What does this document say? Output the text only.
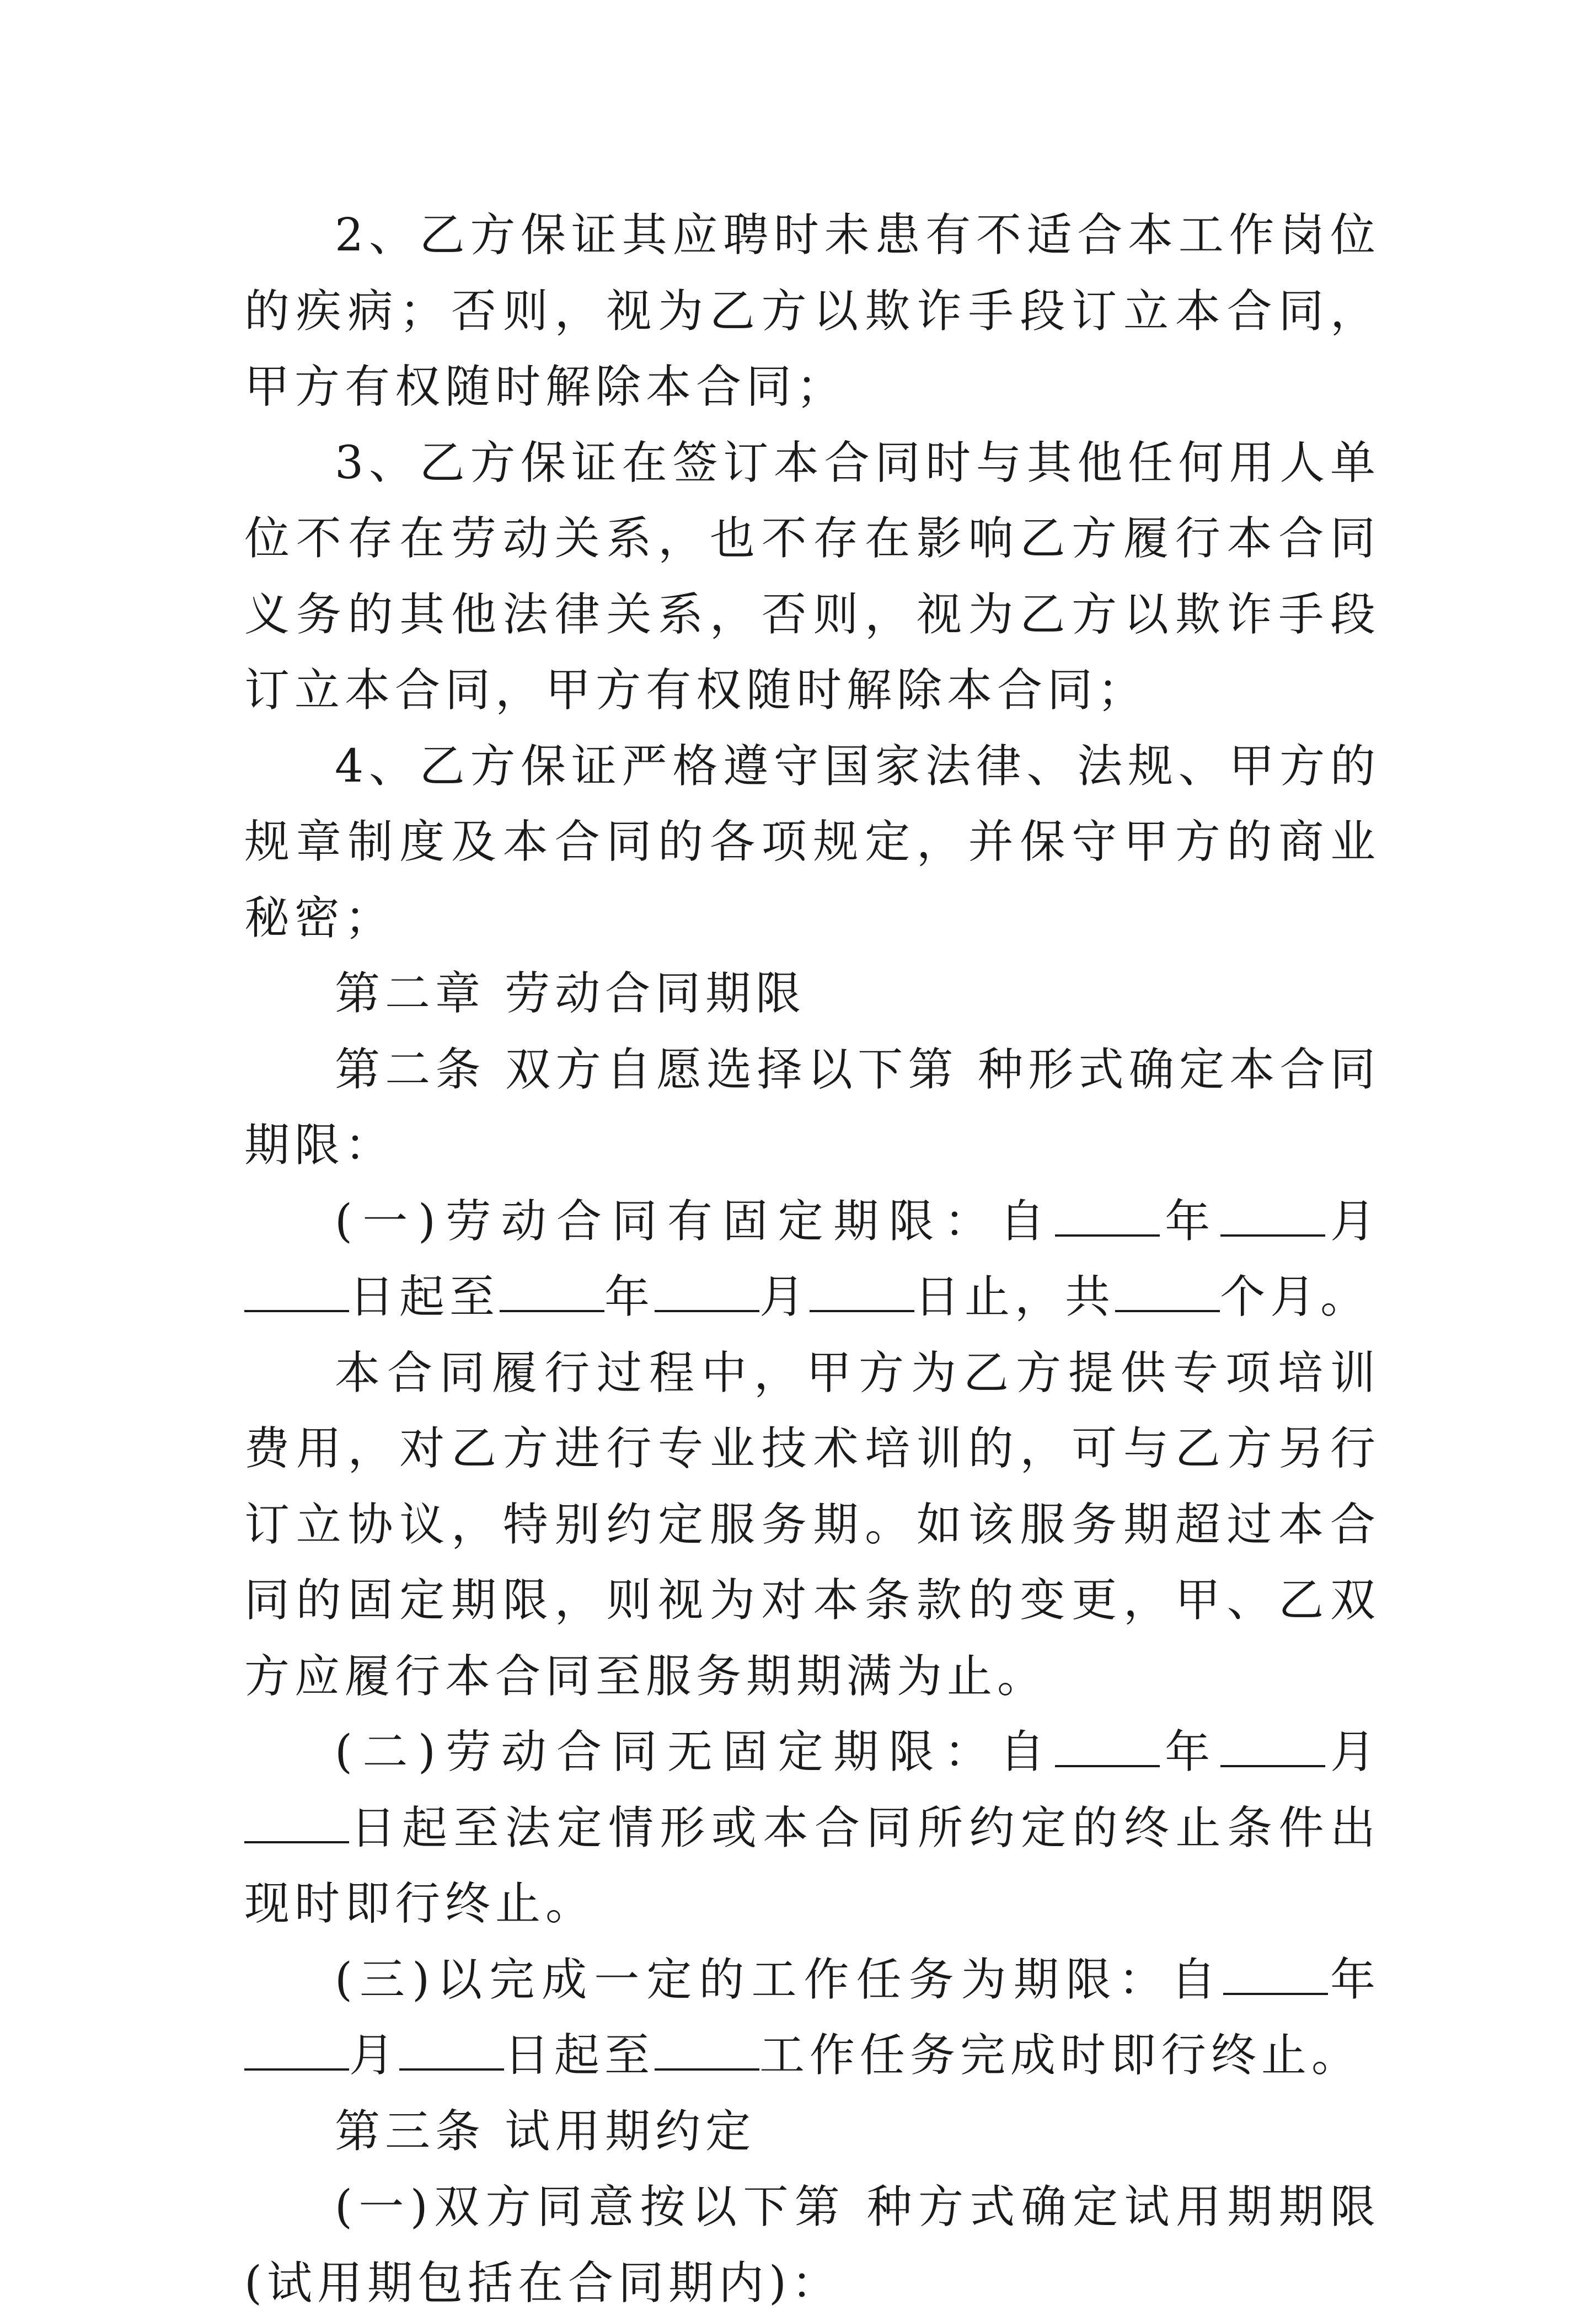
2、乙方保证其应聘时未患有不适合本工作岗位的疾病；否则，视为乙方以欺诈手段订立本合同，甲方有权随时解除本合同；

3、乙方保证在签订本合同时与其他任何用人单位不存在劳动关系，也不存在影响乙方履行本合同义务的其他法律关系，否则，视为乙方以欺诈手段订立本合同，甲方有权随时解除本合同；

4、乙方保证严格遵守国家法律、法规、甲方的规章制度及本合同的各项规定，并保守甲方的商业秘密；

第二章 劳动合同期限

第二条 双方自愿选择以下第 种形式确定本合同期限：

(一)劳动合同有固定期限：自 年 月日起至 年 月 日止，共 个月。

本合同履行过程中，甲方为乙方提供专项培训费用，对乙方进行专业技术培训的，可与乙方另行订立协议，特别约定服务期。如该服务期超过本合同的固定期限，则视为对本条款的变更，甲、乙双方应履行本合同至服务期期满为止。

(二)劳动合同无固定期限：自 年 月日起至法定情形或本合同所约定的终止条件出现时即行终止。

(三)以完成一定的工作任务为期限：自 年月 日起至 工作任务完成时即行终止。

第三条 试用期约定

(一)双方同意按以下第 种方式确定试用期期限(试用期包括在合同期内)：
